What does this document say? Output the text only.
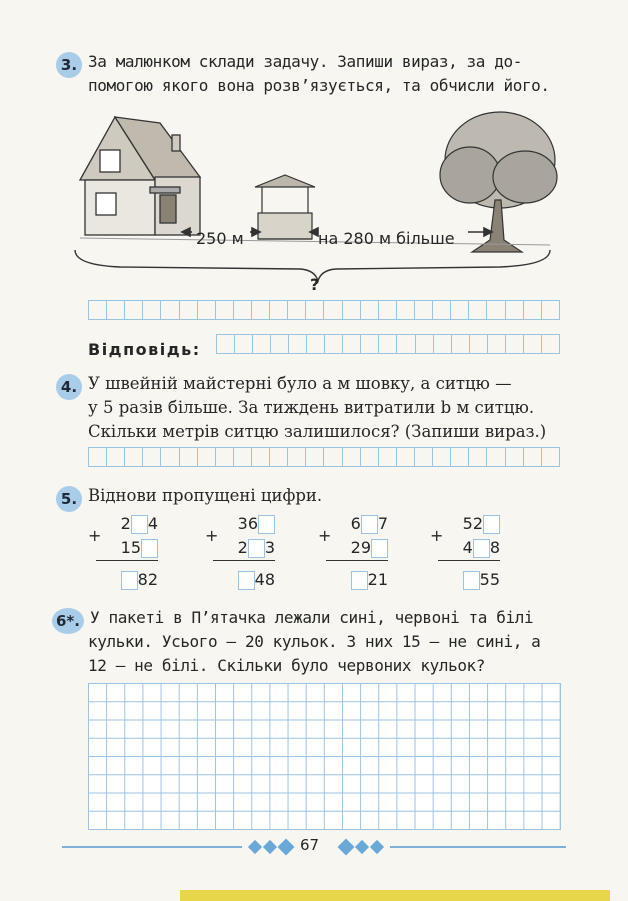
3. За малюнком склади задачу. Запиши вираз, за до-
помогою якого вона розв’язується, та обчисли його.
250 м	на 280 м більше
?
Відповідь:
4. У швейній майстерні було a м шовку, а ситцю —
у 5 разів більше. За тиждень витратили b м ситцю.
Скільки метрів ситцю залишилося? (Запиши вираз.)
5. Віднови пропущені цифри.
+
2 4
15
82
+
36
2 3
48
+
6 7
29
21
+
52
4 8
55
6*. У пакеті в П’ятачка лежали сині, червоні та білі
кульки. Усього — 20 кульок. З них 15 — не сині, а
12 — не білі. Скільки було червоних кульок?
67
